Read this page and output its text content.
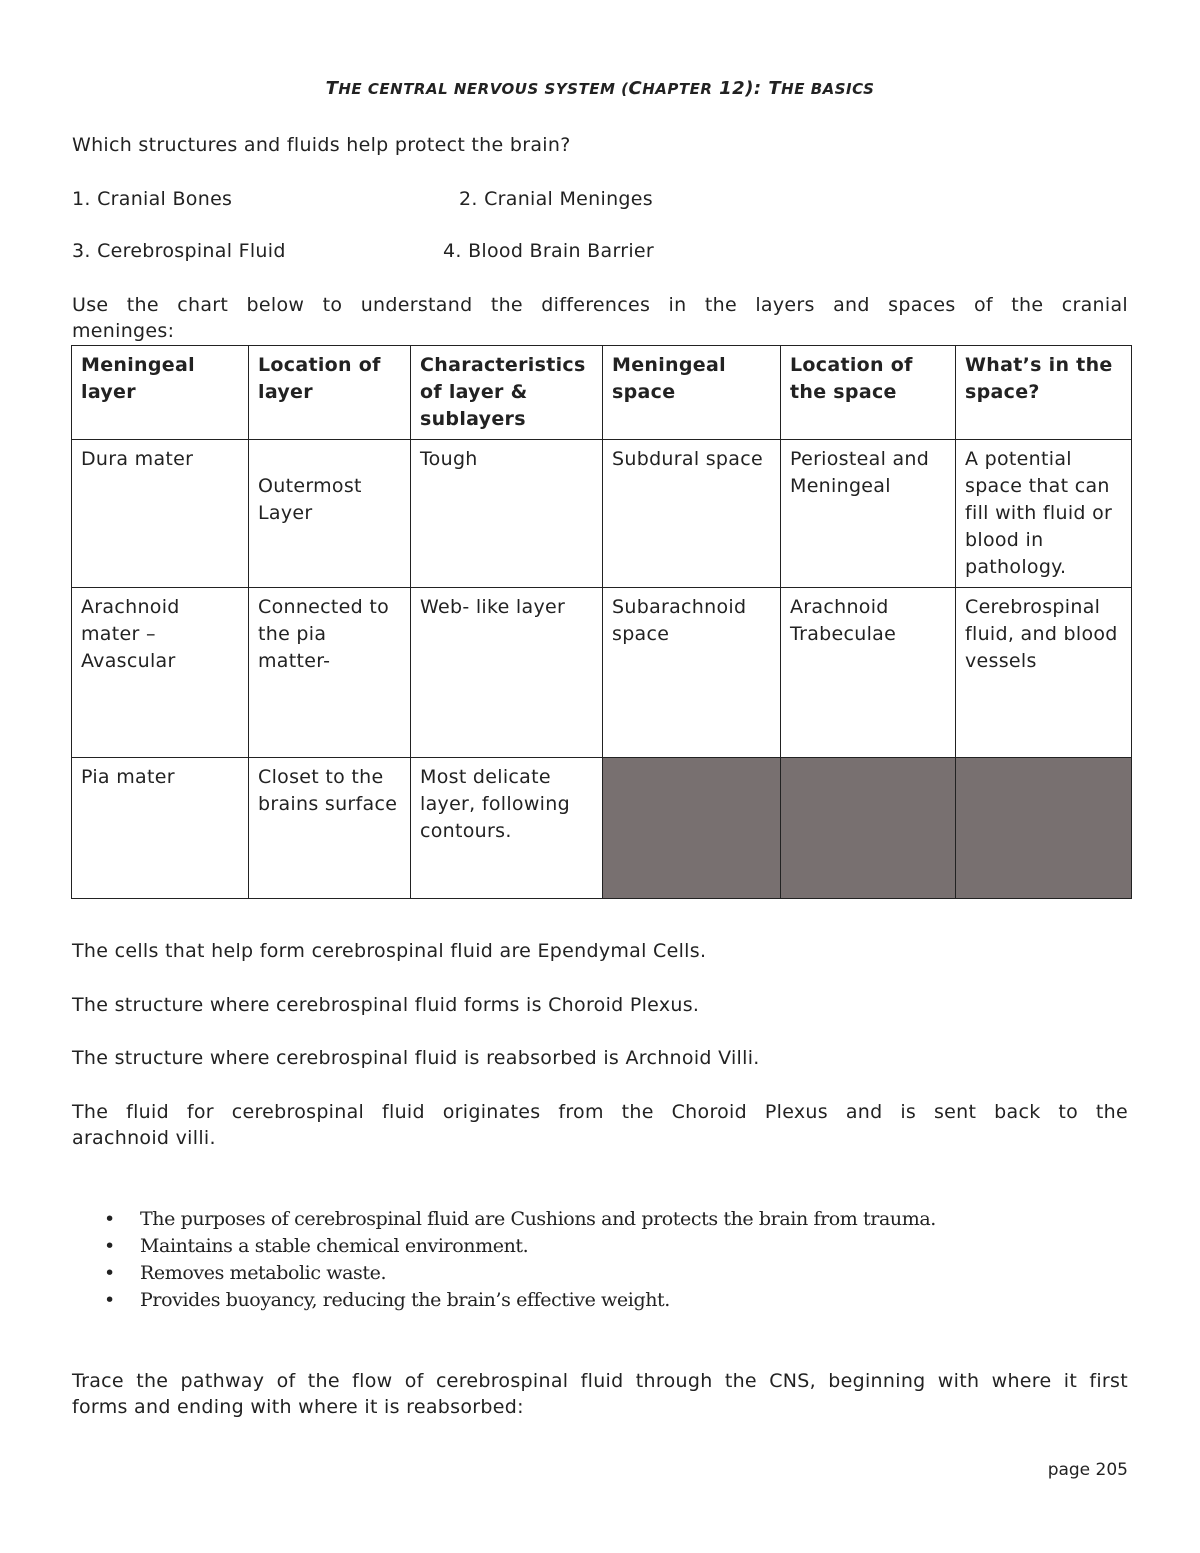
THE CENTRAL NERVOUS SYSTEM (CHAPTER 12): THE BASICS
Which structures and fluids help protect the brain?
1. Cranial Bones	2. Cranial Meninges
3. Cerebrospinal Fluid	4. Blood Brain Barrier
Use the chart below to understand the differences in the layers and spaces of the cranial
meninges:
Meningeal layer	Location of layer	Characteristics of layer & sublayers	Meningeal space	Location of the space	What’s in the space?
Dura mater	Outermost Layer	Tough	Subdural space	Periosteal and Meningeal	A potential space that can fill with fluid or blood in pathology.
Arachnoid mater – Avascular	Connected to the pia matter-	Web- like layer	Subarachnoid space	Arachnoid Trabeculae	Cerebrospinal fluid, and blood vessels
Pia mater	Closet to the brains surface	Most delicate layer, following contours.			
The cells that help form cerebrospinal fluid are Ependymal Cells.
The structure where cerebrospinal fluid forms is Choroid Plexus.
The structure where cerebrospinal fluid is reabsorbed is Archnoid Villi.
The fluid for cerebrospinal fluid originates from the Choroid Plexus and is sent back to the
arachnoid villi.
• The purposes of cerebrospinal fluid are Cushions and protects the brain from trauma.
• Maintains a stable chemical environment.
• Removes metabolic waste.
• Provides buoyancy, reducing the brain’s effective weight.
Trace the pathway of the flow of cerebrospinal fluid through the CNS, beginning with where it first
forms and ending with where it is reabsorbed:
page 205
